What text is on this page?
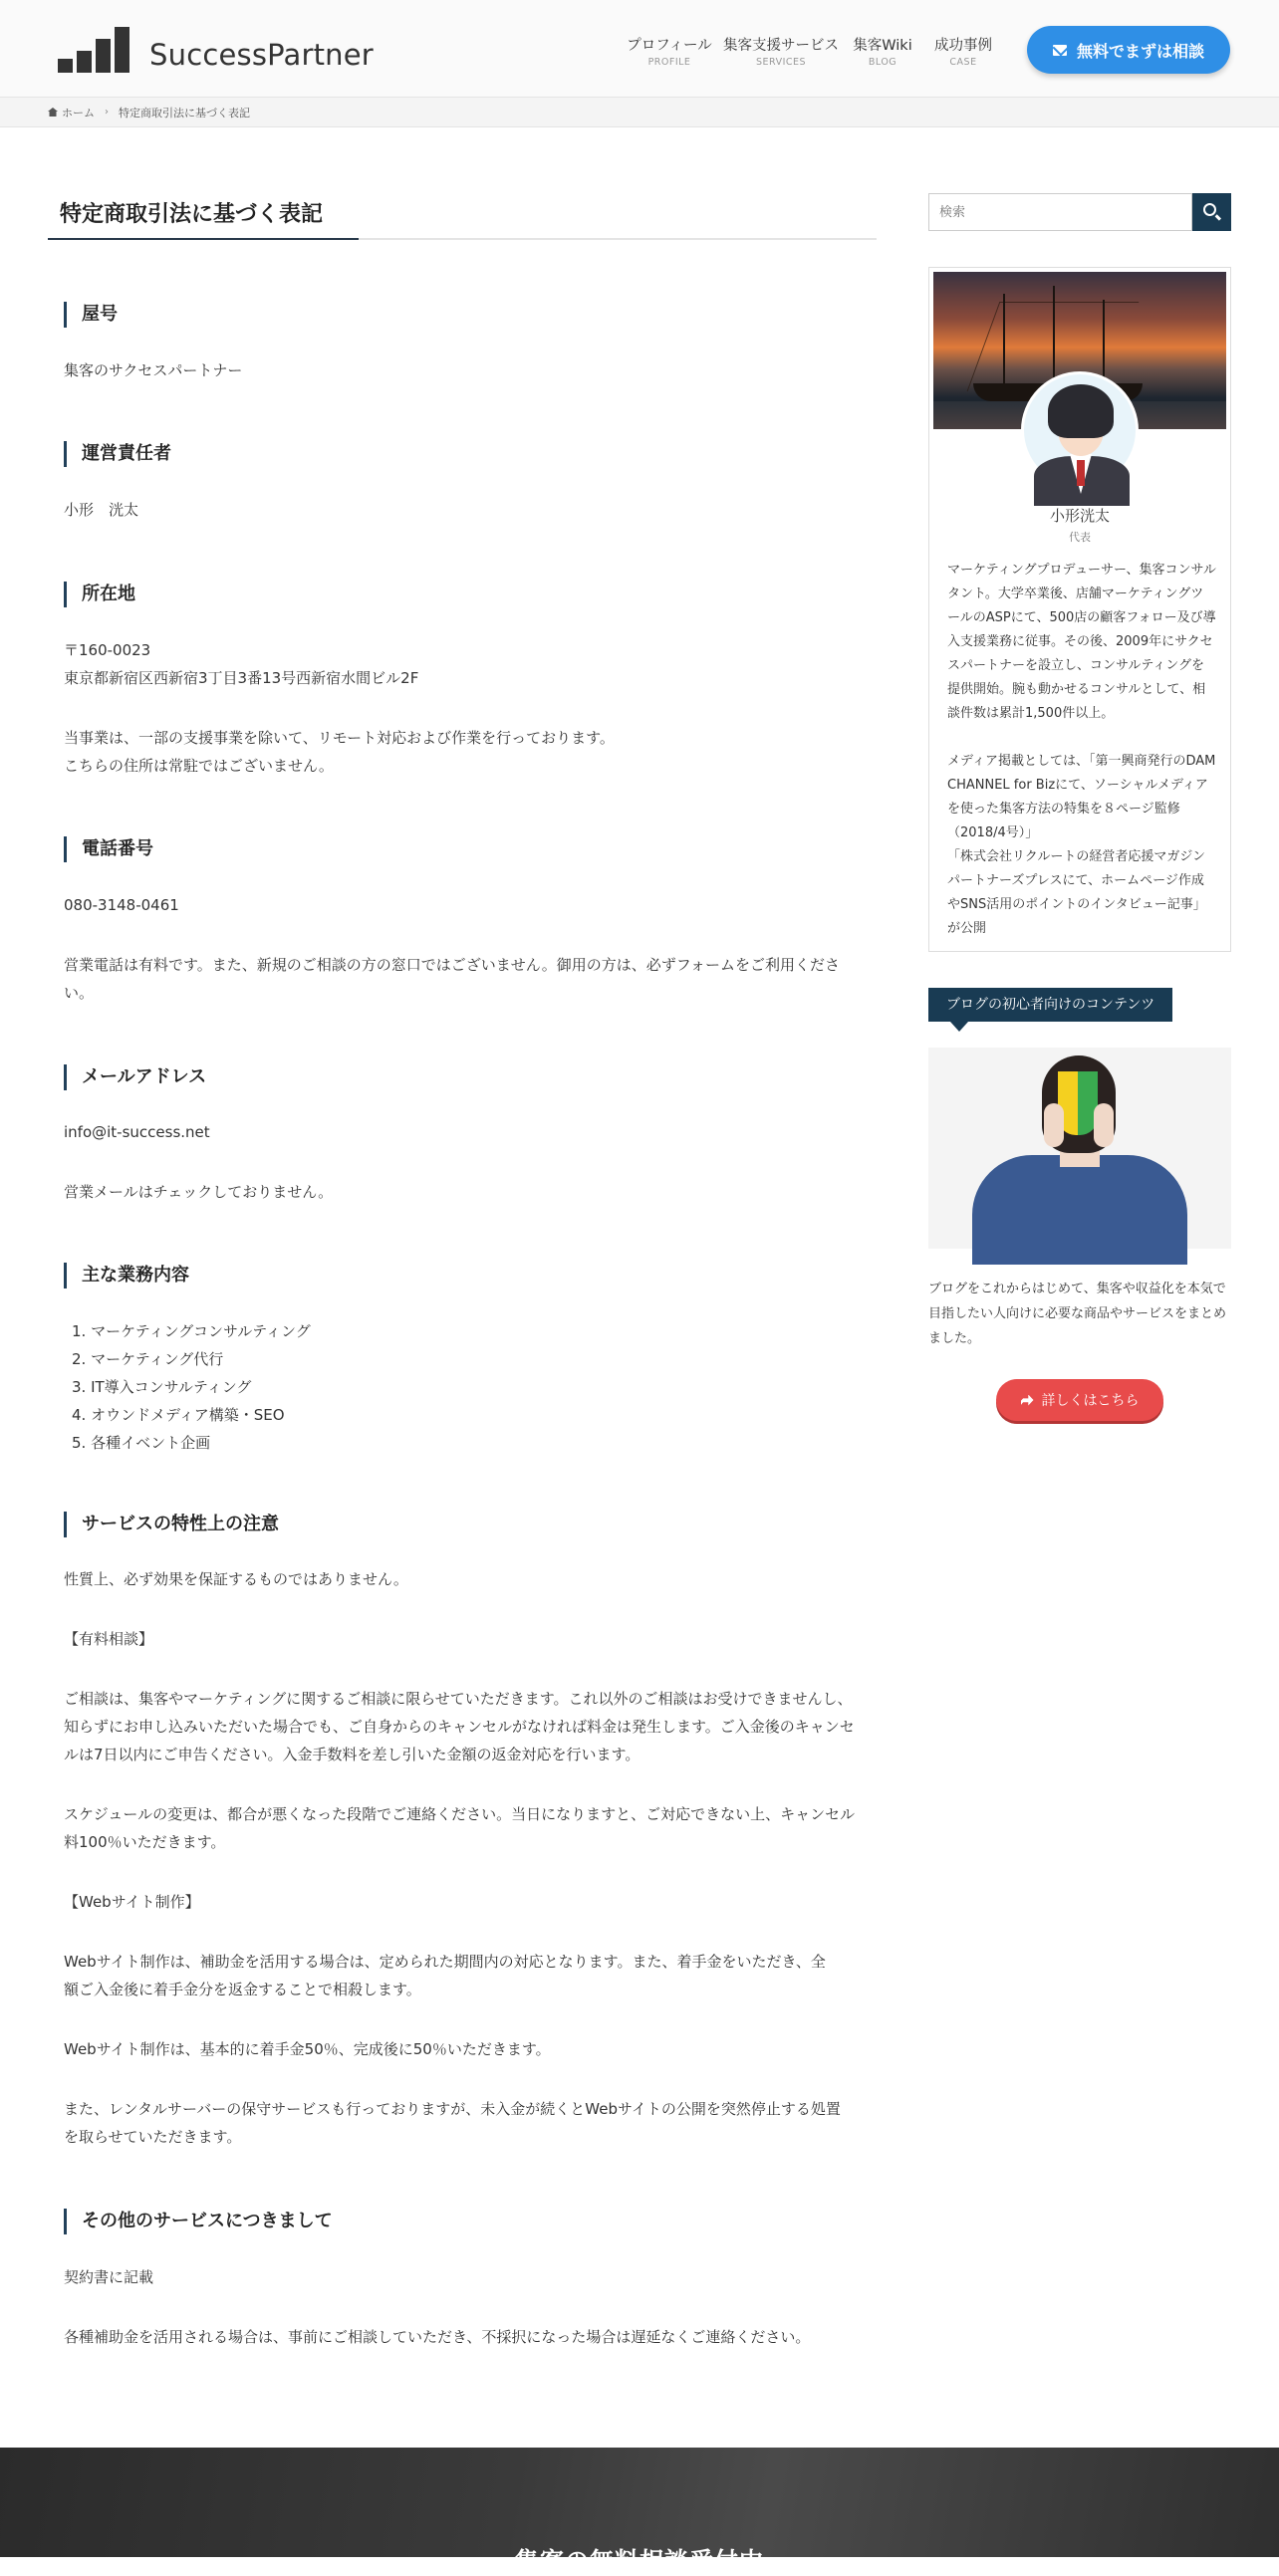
SuccessPartner	プロフィール
PROFILE
集客支援サービス
SERVICES
集客Wiki
BLOG
成功事例
CASE
無料でまずは相談
ホーム › 特定商取引法に基づく表記
特定商取引法に基づく表記
屋号

集客のサクセスパートナー

運営責任者

小形　洸太

所在地

〒160-0023
東京都新宿区西新宿3丁目3番13号西新宿水間ビル2F

当事業は、一部の支援事業を除いて、リモート対応および作業を行っております。
こちらの住所は常駐ではございません。

電話番号

080-3148-0461

営業電話は有料です。また、新規のご相談の方の窓口ではございません。御用の方は、必ずフォームをご利用ください。

メールアドレス

info@it-success.net

営業メールはチェックしておりません。

主な業務内容
1. マーケティングコンサルティング
2. マーケティング代行
3. IT導入コンサルティング
4. オウンドメディア構築・SEO
5. 各種イベント企画
サービスの特性上の注意

性質上、必ず効果を保証するものではありません。

【有料相談】

ご相談は、集客やマーケティングに関するご相談に限らせていただきます。これ以外のご相談はお受けできませんし、知らずにお申し込みいただいた場合でも、ご自身からのキャンセルがなければ料金は発生します。ご入金後のキャンセルは7日以内にご申告ください。入金手数料を差し引いた金額の返金対応を行います。

スケジュールの変更は、都合が悪くなった段階でご連絡ください。当日になりますと、ご対応できない上、キャンセル料100％いただきます。

【Webサイト制作】

Webサイト制作は、補助金を活用する場合は、定められた期間内の対応となります。また、着手金をいただき、全額ご入金後に着手金分を返金することで相殺します。

Webサイト制作は、基本的に着手金50％、完成後に50％いただきます。

また、レンタルサーバーの保守サービスも行っておりますが、未入金が続くとWebサイトの公開を突然停止する処置を取らせていただきます。

その他のサービスにつきまして

契約書に記載

各種補助金を活用される場合は、事前にご相談していただき、不採択になった場合は遅延なくご連絡ください。

検索
小形洸太
代表
マーケティングプロデューサー、集客コンサルタント。大学卒業後、店舗マーケティングツールのASPにて、500店の顧客フォロー及び導入支援業務に従事。その後、2009年にサクセスパートナーを設立し、コンサルティングを提供開始。腕も動かせるコンサルとして、相談件数は累計1,500件以上。

メディア掲載としては、「第一興商発行のDAM CHANNEL for Bizにて、ソーシャルメディアを使った集客方法の特集を８ページ監修（2018/4号）」
「株式会社リクルートの経営者応援マガジンパートナーズプレスにて、ホームページ作成やSNS活用のポイントのインタビュー記事」が公開
ブログの初心者向けのコンテンツ
ブログをこれからはじめて、集客や収益化を本気で目指したい人向けに必要な商品やサービスをまとめました。
詳しくはこちら
集客の無料相談受付中
